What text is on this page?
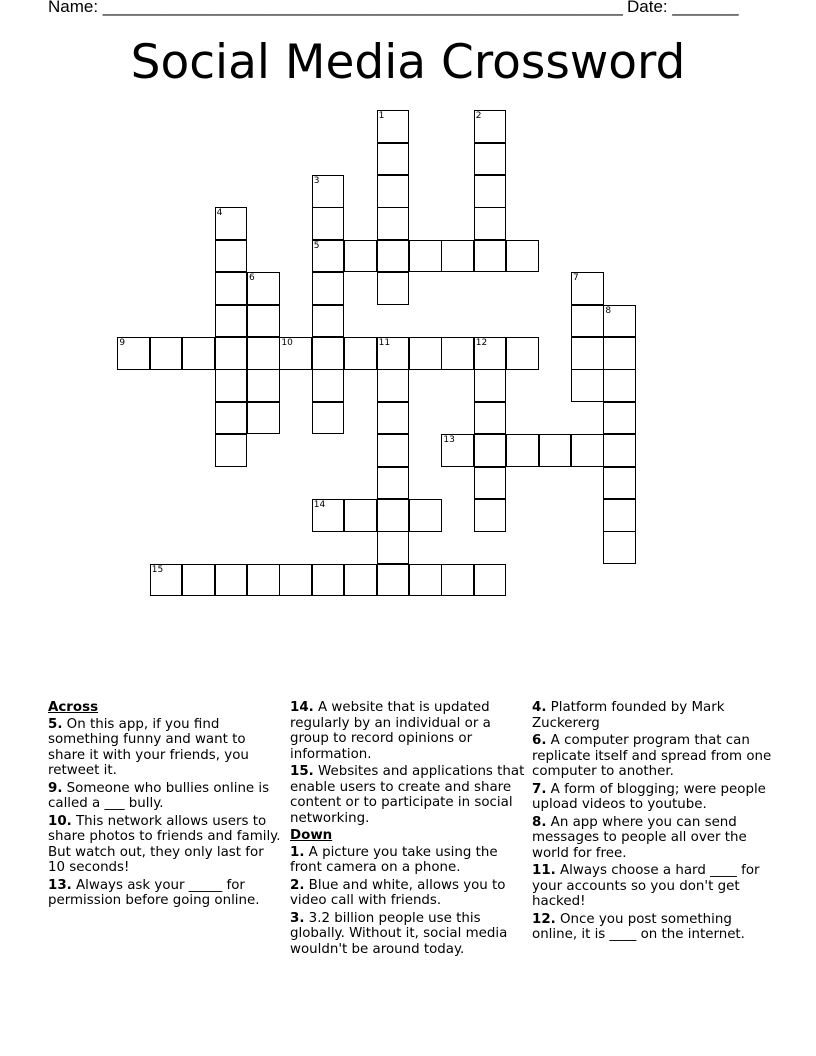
Name: _______________________________________________________ Date: _______
Social Media Crossword
1	2
3
4
5
6	7
8
9	10	11	12
13
14
15
Across

5. On this app, if you find something funny and want to share it with your friends, you retweet it.

9. Someone who bullies online is called a ___ bully.

10. This network allows users to share photos to friends and family. But watch out, they only last for 10 seconds!

13. Always ask your _____ for permission before going online.

14. A website that is updated regularly by an individual or a group to record opinions or information.

15. Websites and applications that enable users to create and share content or to participate in social networking.

Down

1. A picture you take using the front camera on a phone.

2. Blue and white, allows you to video call with friends.

3. 3.2 billion people use this globally. Without it, social media wouldn't be around today.

4. Platform founded by Mark Zuckererg

6. A computer program that can replicate itself and spread from one computer to another.

7. A form of blogging; were people upload videos to youtube.

8. An app where you can send messages to people all over the world for free.

11. Always choose a hard ____ for your accounts so you don't get hacked!

12. Once you post something online, it is ____ on the internet.
